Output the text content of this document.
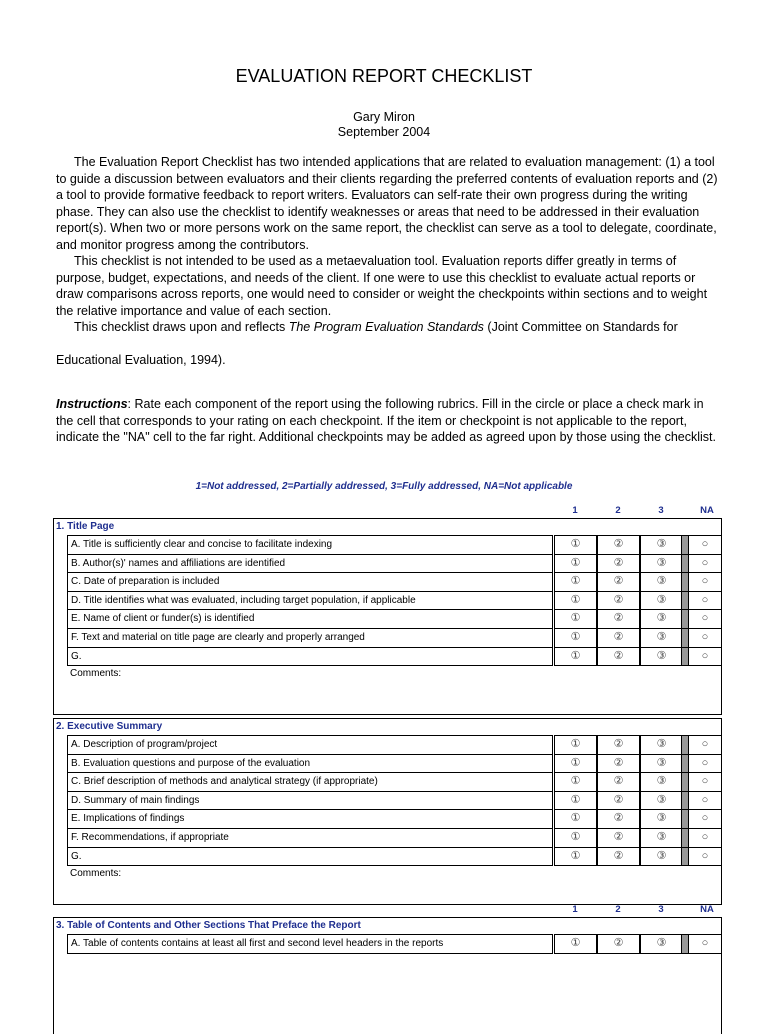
EVALUATION REPORT CHECKLIST
Gary Miron
September 2004
The Evaluation Report Checklist has two intended applications that are related to evaluation management: (1) a tool to guide a discussion between evaluators and their clients regarding the preferred contents of evaluation reports and (2) a tool to provide formative feedback to report writers. Evaluators can self-rate their own progress during the writing phase. They can also use the checklist to identify weaknesses or areas that need to be addressed in their evaluation report(s). When two or more persons work on the same report, the checklist can serve as a tool to delegate, coordinate, and monitor progress among the contributors.
This checklist is not intended to be used as a metaevaluation tool. Evaluation reports differ greatly in terms of purpose, budget, expectations, and needs of the client. If one were to use this checklist to evaluate actual reports or draw comparisons across reports, one would need to consider or weight the checkpoints within sections and to weight the relative importance and value of each section.
This checklist draws upon and reflects The Program Evaluation Standards (Joint Committee on Standards for
Educational Evaluation, 1994).
Instructions: Rate each component of the report using the following rubrics. Fill in the circle or place a check mark in the cell that corresponds to your rating on each checkpoint. If the item or checkpoint is not applicable to the report, indicate the "NA" cell to the far right. Additional checkpoints may be added as agreed upon by those using the checklist.
1=Not addressed, 2=Partially addressed, 3=Fully addressed, NA=Not applicable
1	2	3	NA
1. Title Page
A. Title is sufficiently clear and concise to facilitate indexing	①	②	③	○
B. Author(s)' names and affiliations are identified	①	②	③	○
C. Date of preparation is included	①	②	③	○
D. Title identifies what was evaluated, including target population, if applicable	①	②	③	○
E. Name of client or funder(s) is identified	①	②	③	○
F. Text and material on title page are clearly and properly arranged	①	②	③	○
G.	①	②	③	○
Comments:
2. Executive Summary
A. Description of program/project	①	②	③	○
B. Evaluation questions and purpose of the evaluation	①	②	③	○
C. Brief description of methods and analytical strategy (if appropriate)	①	②	③	○
D. Summary of main findings	①	②	③	○
E. Implications of findings	①	②	③	○
F. Recommendations, if appropriate	①	②	③	○
G.	①	②	③	○
Comments:
1	2	3	NA
3. Table of Contents and Other Sections That Preface the Report
A. Table of contents contains at least all first and second level headers in the reports	①	②	③	○
